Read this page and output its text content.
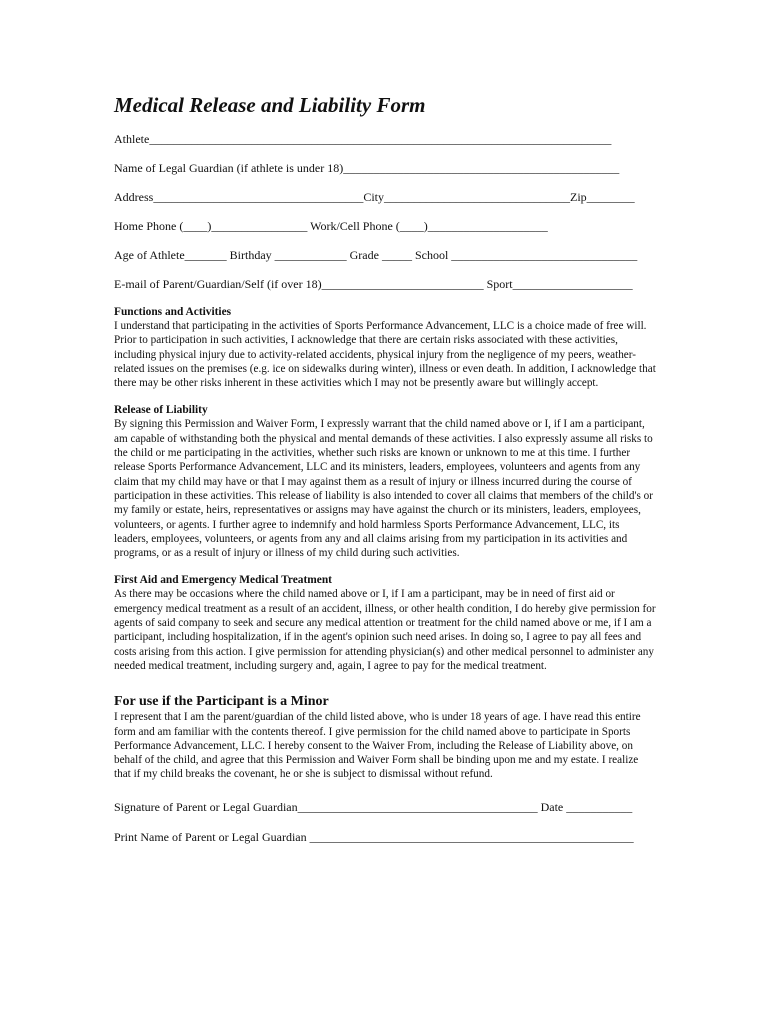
Medical Release and Liability Form

Athlete_____________________________________________________________________________

Name of Legal Guardian (if athlete is under 18)______________________________________________

Address___________________________________City_______________________________Zip________

Home Phone (____)________________ Work/Cell Phone (____)____________________

Age of Athlete_______ Birthday ____________ Grade _____ School _______________________________

E-mail of Parent/Guardian/Self (if over 18)___________________________ Sport____________________

Functions and Activities

I understand that participating in the activities of Sports Performance Advancement, LLC is a choice made of free will. Prior to participation in such activities, I acknowledge that there are certain risks associated with these activities, including physical injury due to activity-related accidents, physical injury from the negligence of my peers, weather-related issues on the premises (e.g. ice on sidewalks during winter), illness or even death. In addition, I acknowledge that there may be other risks inherent in these activities which I may not be presently aware but willingly accept.

Release of Liability

By signing this Permission and Waiver Form, I expressly warrant that the child named above or I, if I am a participant, am capable of withstanding both the physical and mental demands of these activities. I also expressly assume all risks to the child or me participating in the activities, whether such risks are known or unknown to me at this time. I further release Sports Performance Advancement, LLC and its ministers, leaders, employees, volunteers and agents from any claim that my child may have or that I may against them as a result of injury or illness incurred during the course of participation in these activities. This release of liability is also intended to cover all claims that members of the child's or my family or estate, heirs, representatives or assigns may have against the church or its ministers, leaders, employees, volunteers, or agents. I further agree to indemnify and hold harmless Sports Performance Advancement, LLC, its leaders, employees, volunteers, or agents from any and all claims arising from my participation in its activities and programs, or as a result of injury or illness of my child during such activities.

First Aid and Emergency Medical Treatment

As there may be occasions where the child named above or I, if I am a participant, may be in need of first aid or emergency medical treatment as a result of an accident, illness, or other health condition, I do hereby give permission for agents of said company to seek and secure any medical attention or treatment for the child named above or me, if I am a participant, including hospitalization, if in the agent's opinion such need arises. In doing so, I agree to pay all fees and costs arising from this action. I give permission for attending physician(s) and other medical personnel to administer any needed medical treatment, including surgery and, again, I agree to pay for the medical treatment.

For use if the Participant is a Minor

I represent that I am the parent/guardian of the child listed above, who is under 18 years of age. I have read this entire form and am familiar with the contents thereof. I give permission for the child named above to participate in Sports Performance Advancement, LLC. I hereby consent to the Waiver From, including the Release of Liability above, on behalf of the child, and agree that this Permission and Waiver Form shall be binding upon me and my estate. I realize that if my child breaks the covenant, he or she is subject to dismissal without refund.

Signature of Parent or Legal Guardian________________________________________ Date ___________

Print Name of Parent or Legal Guardian ______________________________________________________
